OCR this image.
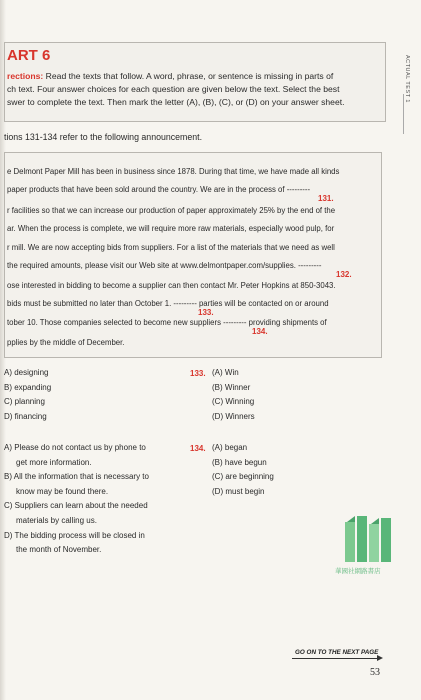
ART 6
rections: Read the texts that follow. A word, phrase, or sentence is missing in parts of
ch text. Four answer choices for each question are given below the text. Select the best
swer to complete the text. Then mark the letter (A), (B), (C), or (D) on your answer sheet.	ACTUAL TEST 1
tions 131-134 refer to the following announcement.
e Delmont Paper Mill has been in business since 1878. During that time, we have made all kinds
paper products that have been sold around the country. We are in the process of ---------
131.
r facilities so that we can increase our production of paper approximately 25% by the end of the
ar. When the process is complete, we will require more raw materials, especially wood pulp, for
r mill. We are now accepting bids from suppliers. For a list of the materials that we need as well
the required amounts, please visit our Web site at www.delmontpaper.com/supplies. ---------
132.
ose interested in bidding to become a supplier can then contact Mr. Peter Hopkins at 850-3043.
bids must be submitted no later than October 1. --------- parties will be contacted on or around
133.
tober 10. Those companies selected to become new suppliers --------- providing shipments of
134.
pplies by the middle of December.
A) designing
B) expanding
C) planning
D) financing
133. (A) Win
(B) Winner
(C) Winning
(D) Winners
A) Please do not contact us by phone to
get more information.
B) All the information that is necessary to
know may be found there.
C) Suppliers can learn about the needed
materials by calling us.
D) The bidding process will be closed in
the month of November.
134. (A) began
(B) have begun
(C) are beginning
(D) must begin
華國社網路書店
GO ON TO THE NEXT PAGE
53
